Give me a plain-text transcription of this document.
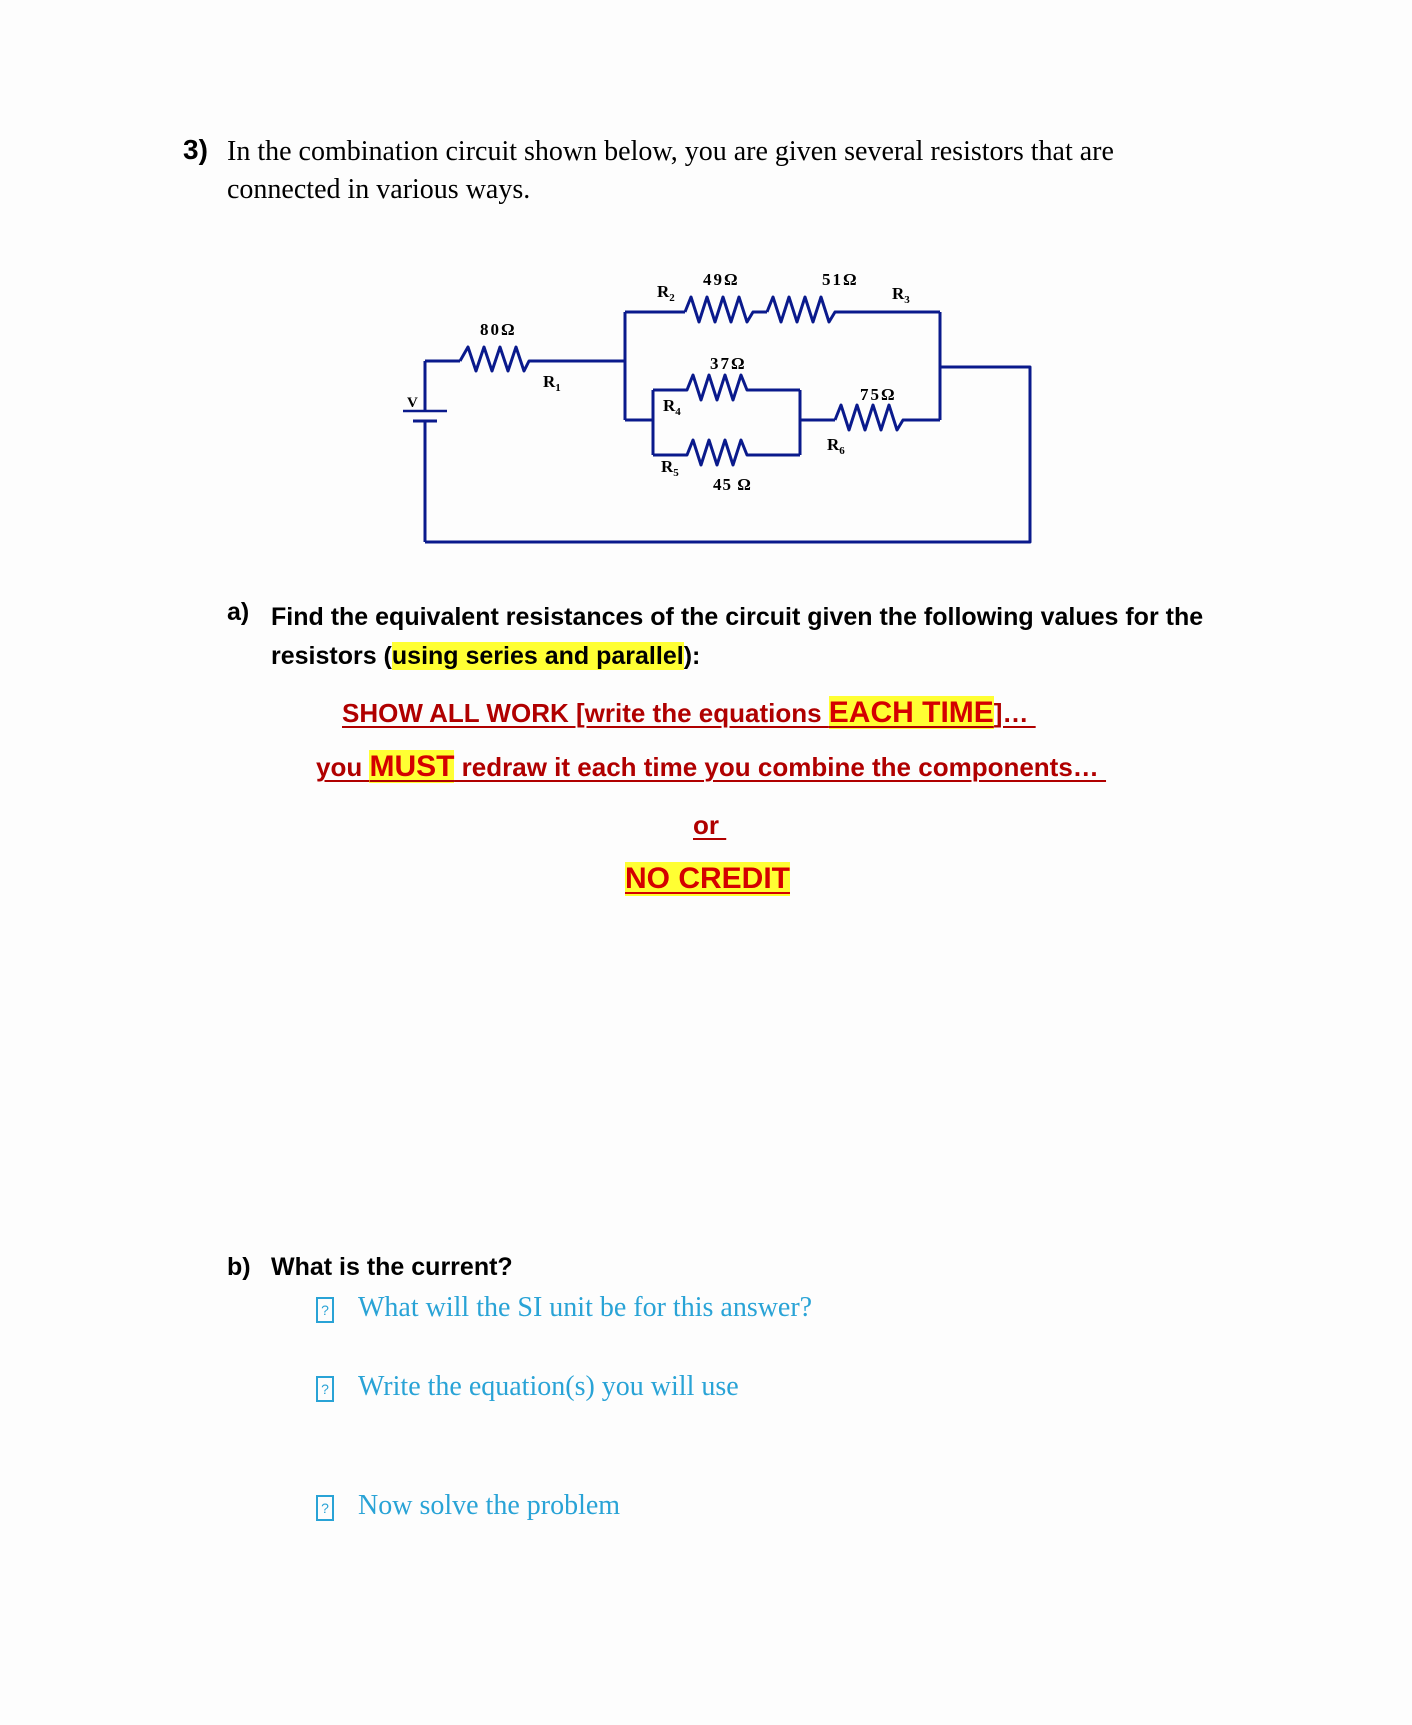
3) In the combination circuit shown below, you are given several resistors that are
connected in various ways.
80Ω
49Ω	51Ω
37Ω
75Ω
45 Ω
$R_1$
$R_2$	$R_3$
$R_4$
$R_5$
$R_6$
V
a) Find the equivalent resistances of the circuit given the following values for the
resistors (using series and parallel):
SHOW ALL WORK [write the equations EACH TIME]…
you MUST redraw it each time you combine the components…
or
NO CREDIT
b) What is the current?
? What will the SI unit be for this answer?
? Write the equation(s) you will use
? Now solve the problem
